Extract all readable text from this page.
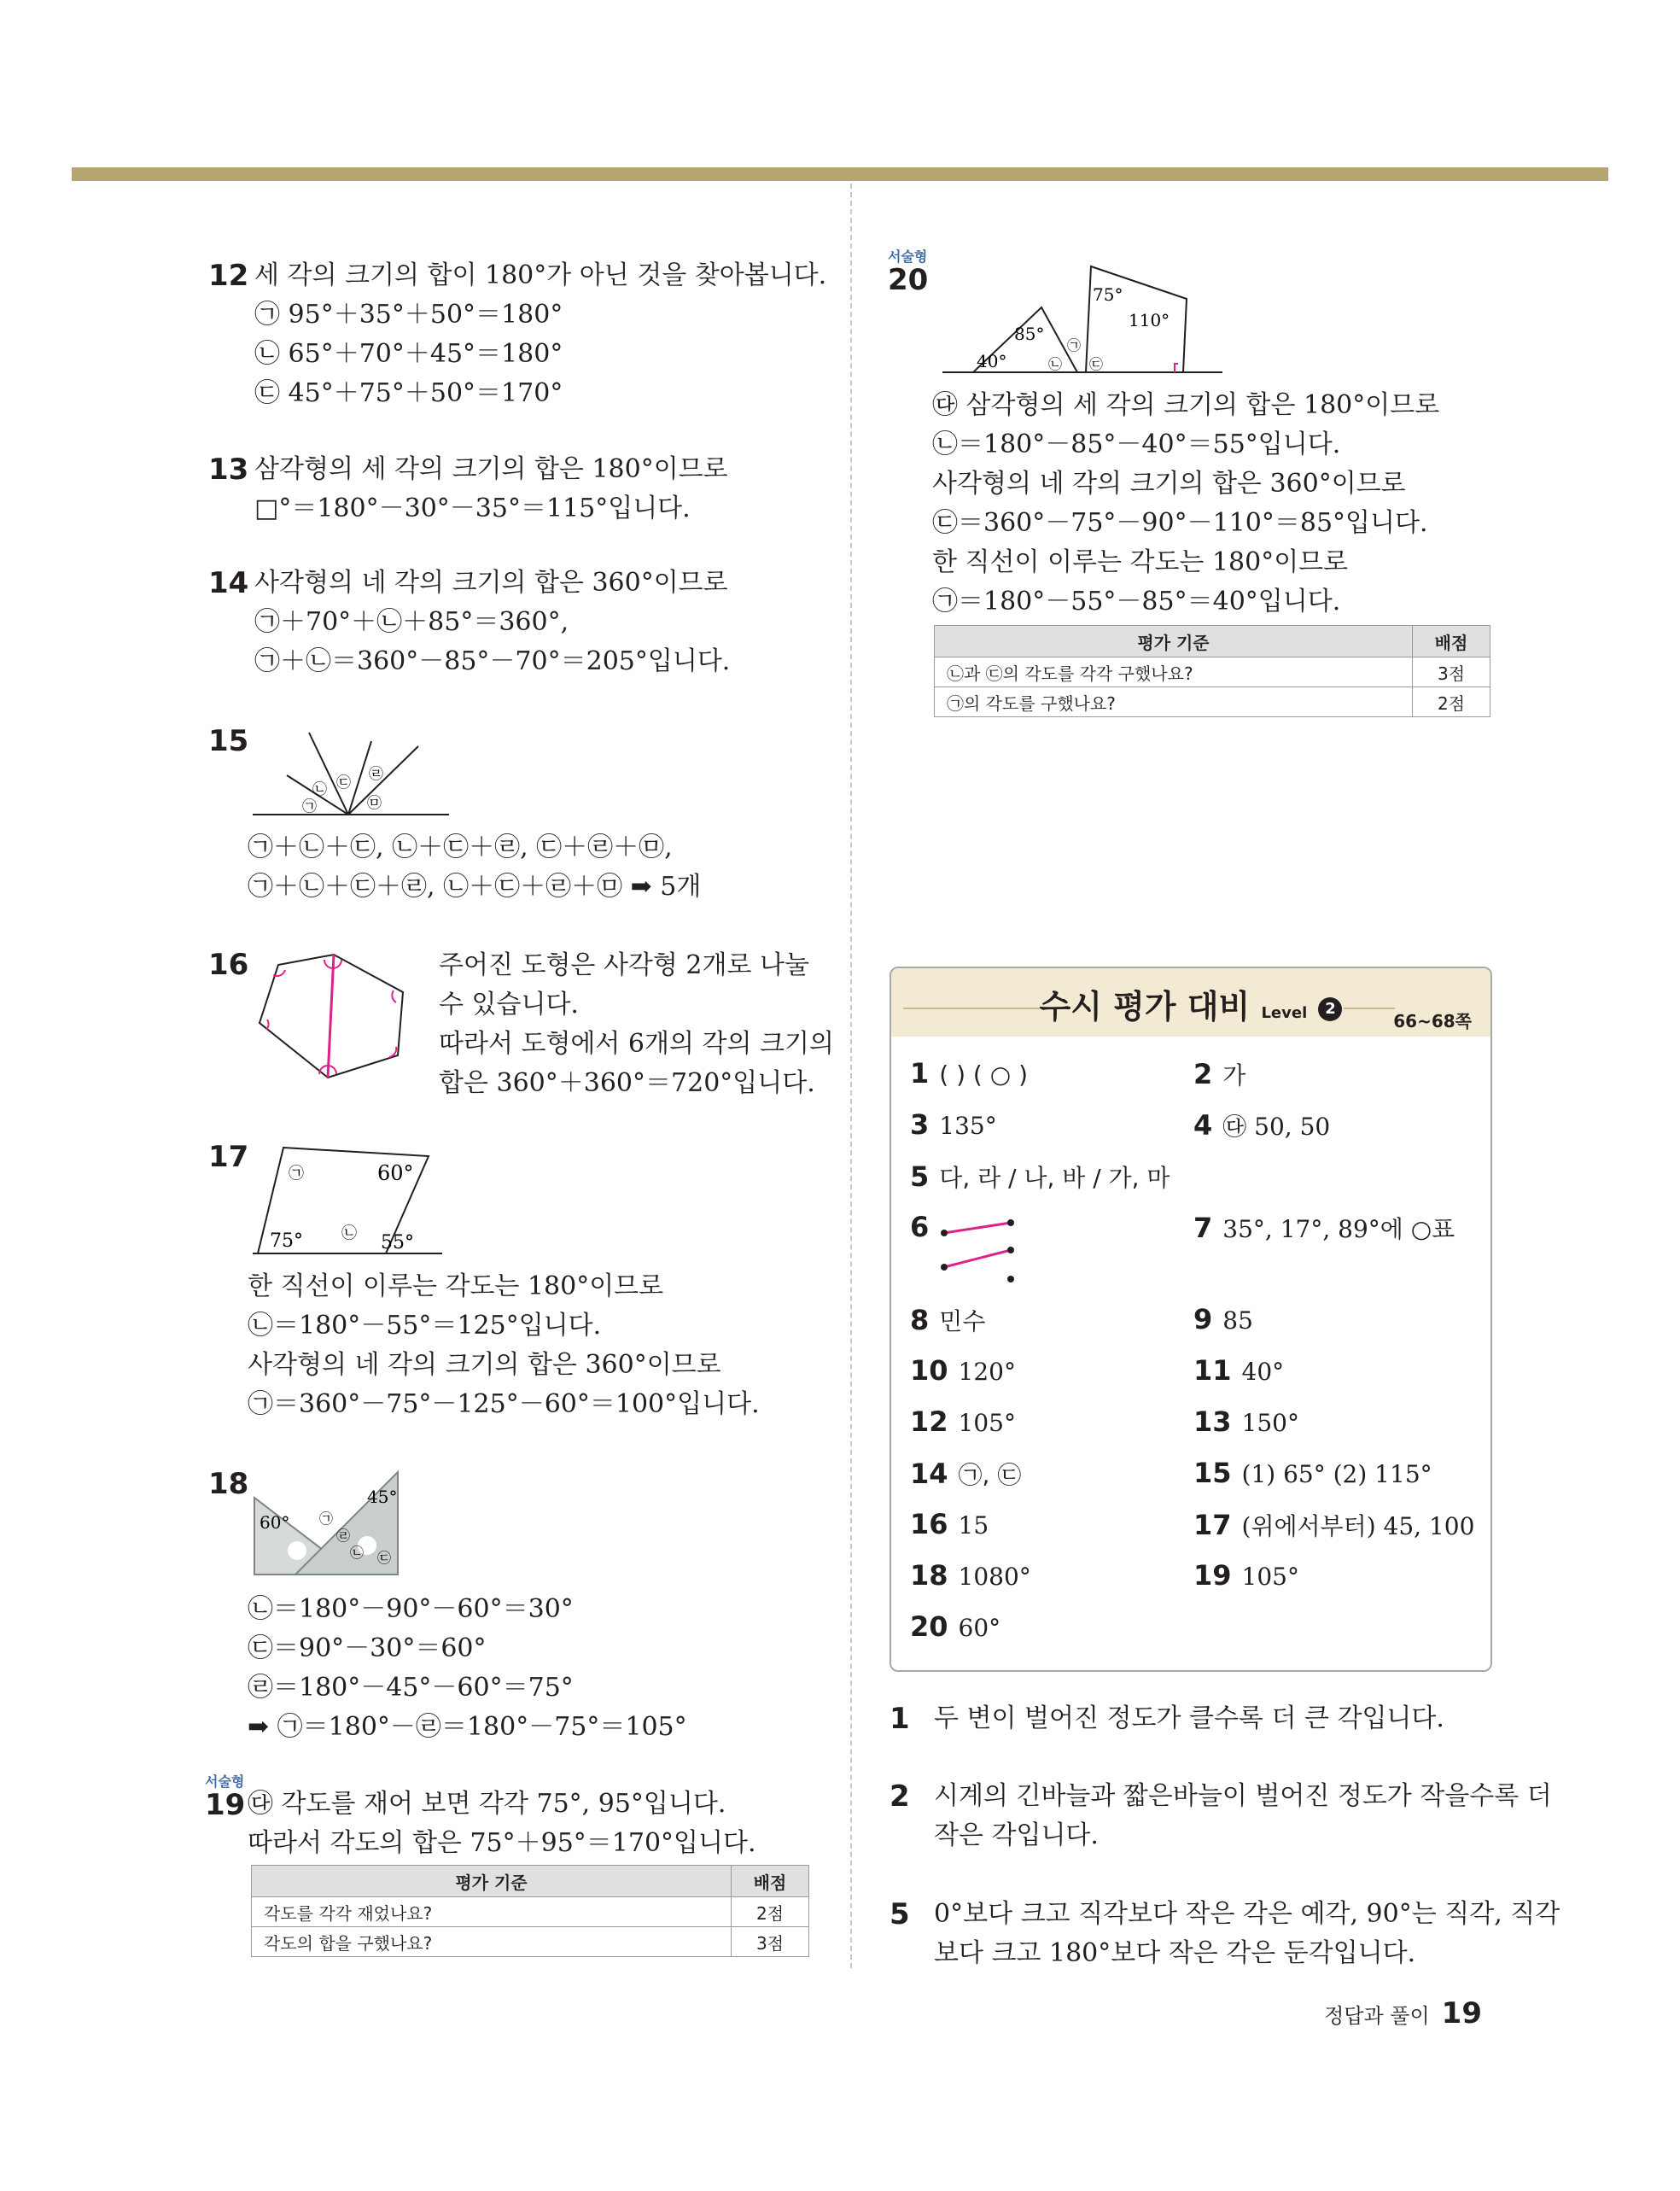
12 세 각의 크기의 합이 180°가 아닌 것을 찾아봅니다.
㉠ 95°＋35°＋50°＝180°
㉡ 65°＋70°＋45°＝180°
㉢ 45°＋75°＋50°＝170°
13 삼각형의 세 각의 크기의 합은 180°이므로
□°＝180°－30°－35°＝115°입니다.
14 사각형의 네 각의 크기의 합은 360°이므로
㉠＋70°＋㉡＋85°＝360°,
㉠＋㉡＝360°－85°－70°＝205°입니다.
15
㉠
㉡ ㉢ ㉣
㉤
㉠＋㉡＋㉢, ㉡＋㉢＋㉣, ㉢＋㉣＋㉤,
㉠＋㉡＋㉢＋㉣, ㉡＋㉢＋㉣＋㉤ ➡ 5개
16	주어진 도형은 사각형 2개로 나눌
수 있습니다.
따라서 도형에서 6개의 각의 크기의
합은 360°＋360°＝720°입니다.
17	㉠	60°
75°	㉡ 55°
한 직선이 이루는 각도는 180°이므로
㉡＝180°－55°＝125°입니다.
사각형의 네 각의 크기의 합은 360°이므로
㉠＝360°－75°－125°－60°＝100°입니다.
18
60°
45°
㉠
㉡ ㉢
㉣
㉡＝180°－90°－60°＝30°
㉢＝90°－30°＝60°
㉣＝180°－45°－60°＝75°
➡ ㉠＝180°－㉣＝180°－75°＝105°
서술형
19 ㉰ 각도를 재어 보면 각각 75°, 95°입니다.
따라서 각도의 합은 75°＋95°＝170°입니다.
평가 기준	배점
각도를 각각 재었나요?	2점
각도의 합을 구했나요?	3점
서술형
20
40°
85°
75°
110°
㉠
㉡ ㉢
㉰ 삼각형의 세 각의 크기의 합은 180°이므로
㉡＝180°－85°－40°＝55°입니다.
사각형의 네 각의 크기의 합은 360°이므로
㉢＝360°－75°－90°－110°＝85°입니다.
한 직선이 이루는 각도는 180°이므로
㉠＝180°－55°－85°＝40°입니다.
평가 기준	배점
㉡과 ㉢의 각도를 각각 구했나요?	3점
㉠의 각도를 구했나요?	2점
수시 평가 대비 Level 2
66~68쪽
1 ( ) ( ○ )	2 가
3 135°	4 ㉰ 50, 50
5 다, 라 / 나, 바 / 가, 마
6	7 35°, 17°, 89°에 ○표
8 민수	9 85
10 120°	11 40°
12 105°	13 150°
14 ㉠, ㉢	15 (1) 65° (2) 115°
16 15	17 (위에서부터) 45, 100
18 1080°	19 105°
20 60°
1 두 변이 벌어진 정도가 클수록 더 큰 각입니다.
2 시계의 긴바늘과 짧은바늘이 벌어진 정도가 작을수록 더
작은 각입니다.
5 0°보다 크고 직각보다 작은 각은 예각, 90°는 직각, 직각
보다 크고 180°보다 작은 각은 둔각입니다.
정답과 풀이 19
